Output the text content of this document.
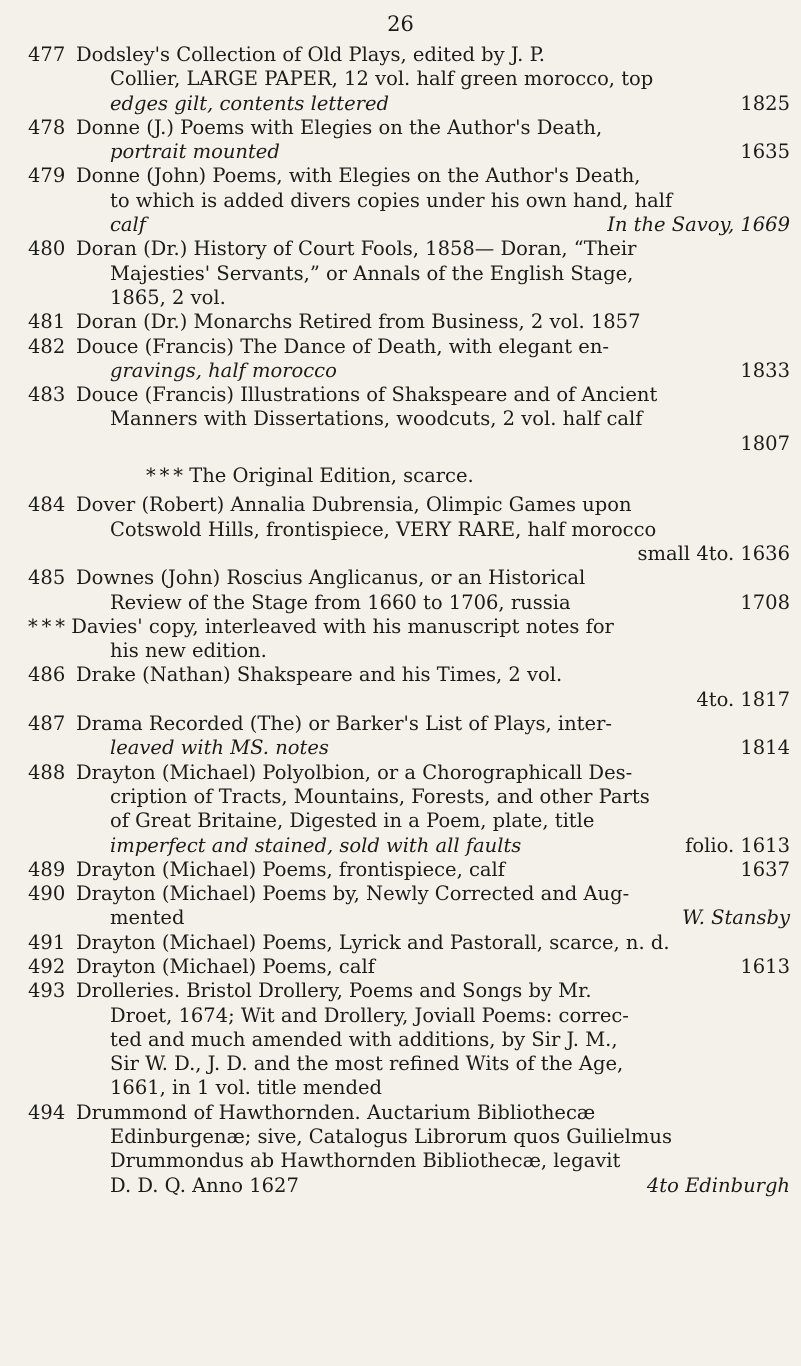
26
477 Dodsley's Collection of Old Plays, edited by J. P.
Collier, LARGE PAPER, 12 vol. half green morocco, top
edges gilt, contents lettered	1825
478 Donne (J.) Poems with Elegies on the Author's Death,
portrait mounted	1635
479 Donne (John) Poems, with Elegies on the Author's Death,
to which is added divers copies under his own hand, half
calf	In the Savoy, 1669
480 Doran (Dr.) History of Court Fools, 1858— Doran, “Their
Majesties' Servants,” or Annals of the English Stage,
1865, 2 vol.
481 Doran (Dr.) Monarchs Retired from Business, 2 vol. 1857
482 Douce (Francis) The Dance of Death, with elegant en-
gravings, half morocco	1833
483 Douce (Francis) Illustrations of Shakspeare and of Ancient
Manners with Dissertations, woodcuts, 2 vol. half calf
1807
* * * The Original Edition, scarce.
484 Dover (Robert) Annalia Dubrensia, Olimpic Games upon
Cotswold Hills, frontispiece, VERY RARE, half morocco
small 4to. 1636
485 Downes (John) Roscius Anglicanus, or an Historical
Review of the Stage from 1660 to 1706, russia	1708
* * * Davies' copy, interleaved with his manuscript notes for
his new edition.
486 Drake (Nathan) Shakspeare and his Times, 2 vol.
4to. 1817
487 Drama Recorded (The) or Barker's List of Plays, inter-
leaved with MS. notes	1814
488 Drayton (Michael) Polyolbion, or a Chorographicall Des-
cription of Tracts, Mountains, Forests, and other Parts
of Great Britaine, Digested in a Poem, plate, title
imperfect and stained, sold with all faults	folio. 1613
489 Drayton (Michael) Poems, frontispiece, calf	1637
490 Drayton (Michael) Poems by, Newly Corrected and Aug-
mented	W. Stansby
491 Drayton (Michael) Poems, Lyrick and Pastorall, scarce, n. d.
492 Drayton (Michael) Poems, calf	1613
493 Drolleries. Bristol Drollery, Poems and Songs by Mr.
Droet, 1674; Wit and Drollery, Joviall Poems: correc-
ted and much amended with additions, by Sir J. M.,
Sir W. D., J. D. and the most refined Wits of the Age,
1661, in 1 vol. title mended
494 Drummond of Hawthornden. Auctarium Bibliothecæ
Edinburgenæ; sive, Catalogus Librorum quos Guilielmus
Drummondus ab Hawthornden Bibliothecæ, legavit
D. D. Q. Anno 1627	4to Edinburgh
